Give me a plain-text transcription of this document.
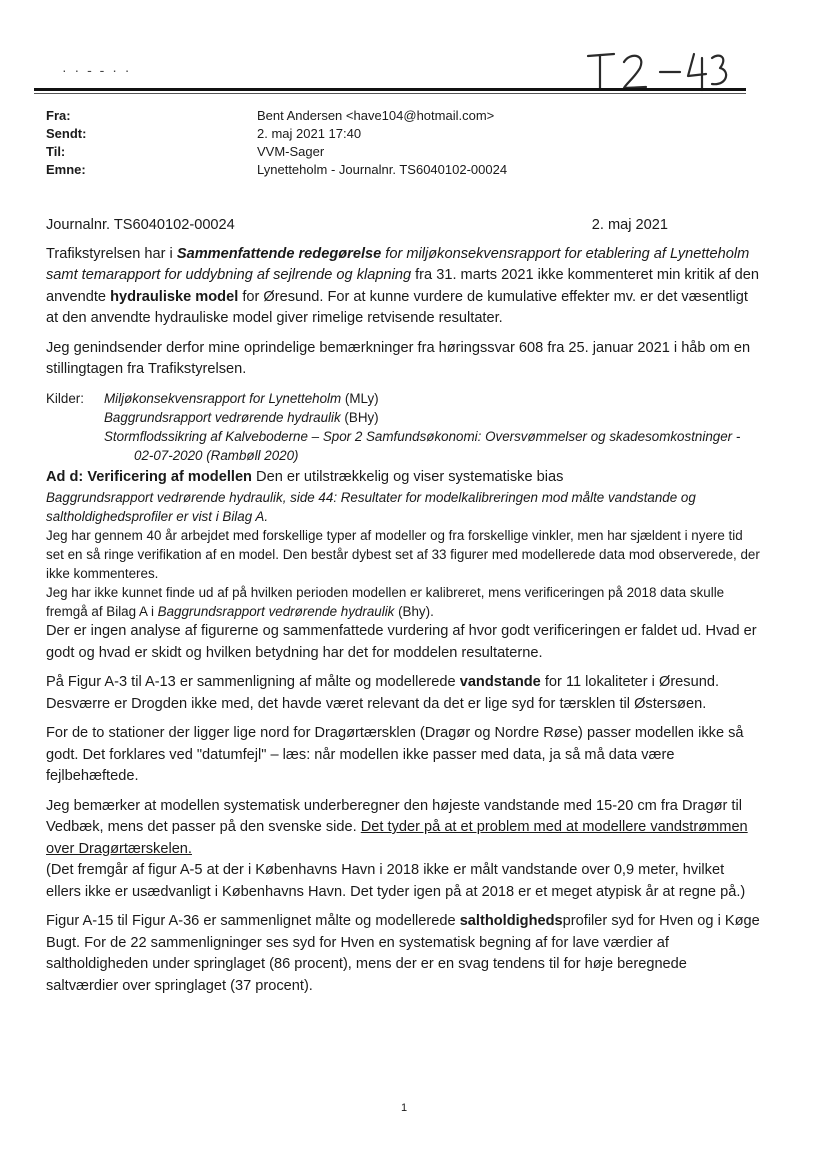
· · - - · ·
Fra:	Bent Andersen <have104@hotmail.com>
Sendt:	2. maj 2021 17:40
Til:	VVM-Sager
Emne:	Lynetteholm - Journalnr. TS6040102-00024

Journalnr. TS6040102-00024	2. maj 2021

Trafikstyrelsen har i Sammenfattende redegørelse for miljøkonsekvensrapport for etablering af Lynetteholm samt temarapport for uddybning af sejlrende og klapning fra 31. marts 2021 ikke kommenteret min kritik af den anvendte hydrauliske model for Øresund. For at kunne vurdere de kumulative effekter mv. er det væsentligt at den anvendte hydrauliske model giver rimelige retvisende resultater.

Jeg genindsender derfor mine oprindelige bemærkninger fra høringssvar 608 fra 25. januar 2021 i håb om en stillingtagen fra Trafikstyrelsen.

Kilder:	Miljøkonsekvensrapport for Lynetteholm (MLy)
Baggrundsrapport vedrørende hydraulik (BHy)
Stormflodssikring af Kalveboderne – Spor 2 Samfundsøkonomi: Oversvømmelser og skadesomkostninger -
02-07-2020 (Rambøll 2020)

Ad d: Verificering af modellen Den er utilstrækkelig og viser systematiske bias

Baggrundsrapport vedrørende hydraulik, side 44: Resultater for modelkalibreringen mod målte vandstande og saltholdighedsprofiler er vist i Bilag A.

Jeg har gennem 40 år arbejdet med forskellige typer af modeller og fra forskellige vinkler, men har sjældent i nyere tid set en så ringe verifikation af en model. Den består dybest set af 33 figurer med modellerede data mod observerede, der ikke kommenteres.

Jeg har ikke kunnet finde ud af på hvilken perioden modellen er kalibreret, mens verificeringen på 2018 data skulle fremgå af Bilag A i Baggrundsrapport vedrørende hydraulik (Bhy).

Der er ingen analyse af figurerne og sammenfattede vurdering af hvor godt verificeringen er faldet ud. Hvad er godt og hvad er skidt og hvilken betydning har det for moddelen resultaterne.

På Figur A-3 til A-13 er sammenligning af målte og modellerede vandstande for 11 lokaliteter i Øresund. Desværre er Drogden ikke med, det havde været relevant da det er lige syd for tærsklen til Østersøen.

For de to stationer der ligger lige nord for Dragørtærsklen (Dragør og Nordre Røse) passer modellen ikke så godt. Det forklares ved "datumfejl" – læs: når modellen ikke passer med data, ja så må data være fejlbehæftede.

Jeg bemærker at modellen systematisk underberegner den højeste vandstande med 15-20 cm fra Dragør til Vedbæk, mens det passer på den svenske side. Det tyder på at et problem med at modellere vandstrømmen over Dragørtærskelen.

(Det fremgår af figur A-5 at der i Københavns Havn i 2018 ikke er målt vandstande over 0,9 meter, hvilket ellers ikke er usædvanligt i Københavns Havn. Det tyder igen på at 2018 er et meget atypisk år at regne på.)

Figur A-15 til Figur A-36 er sammenlignet målte og modellerede saltholdighedsprofiler syd for Hven og i Køge Bugt. For de 22 sammenligninger ses syd for Hven en systematisk begning af for lave værdier af saltholdigheden under springlaget (86 procent), mens der er en svag tendens til for høje beregnede saltværdier over springlaget (37 procent).

1
